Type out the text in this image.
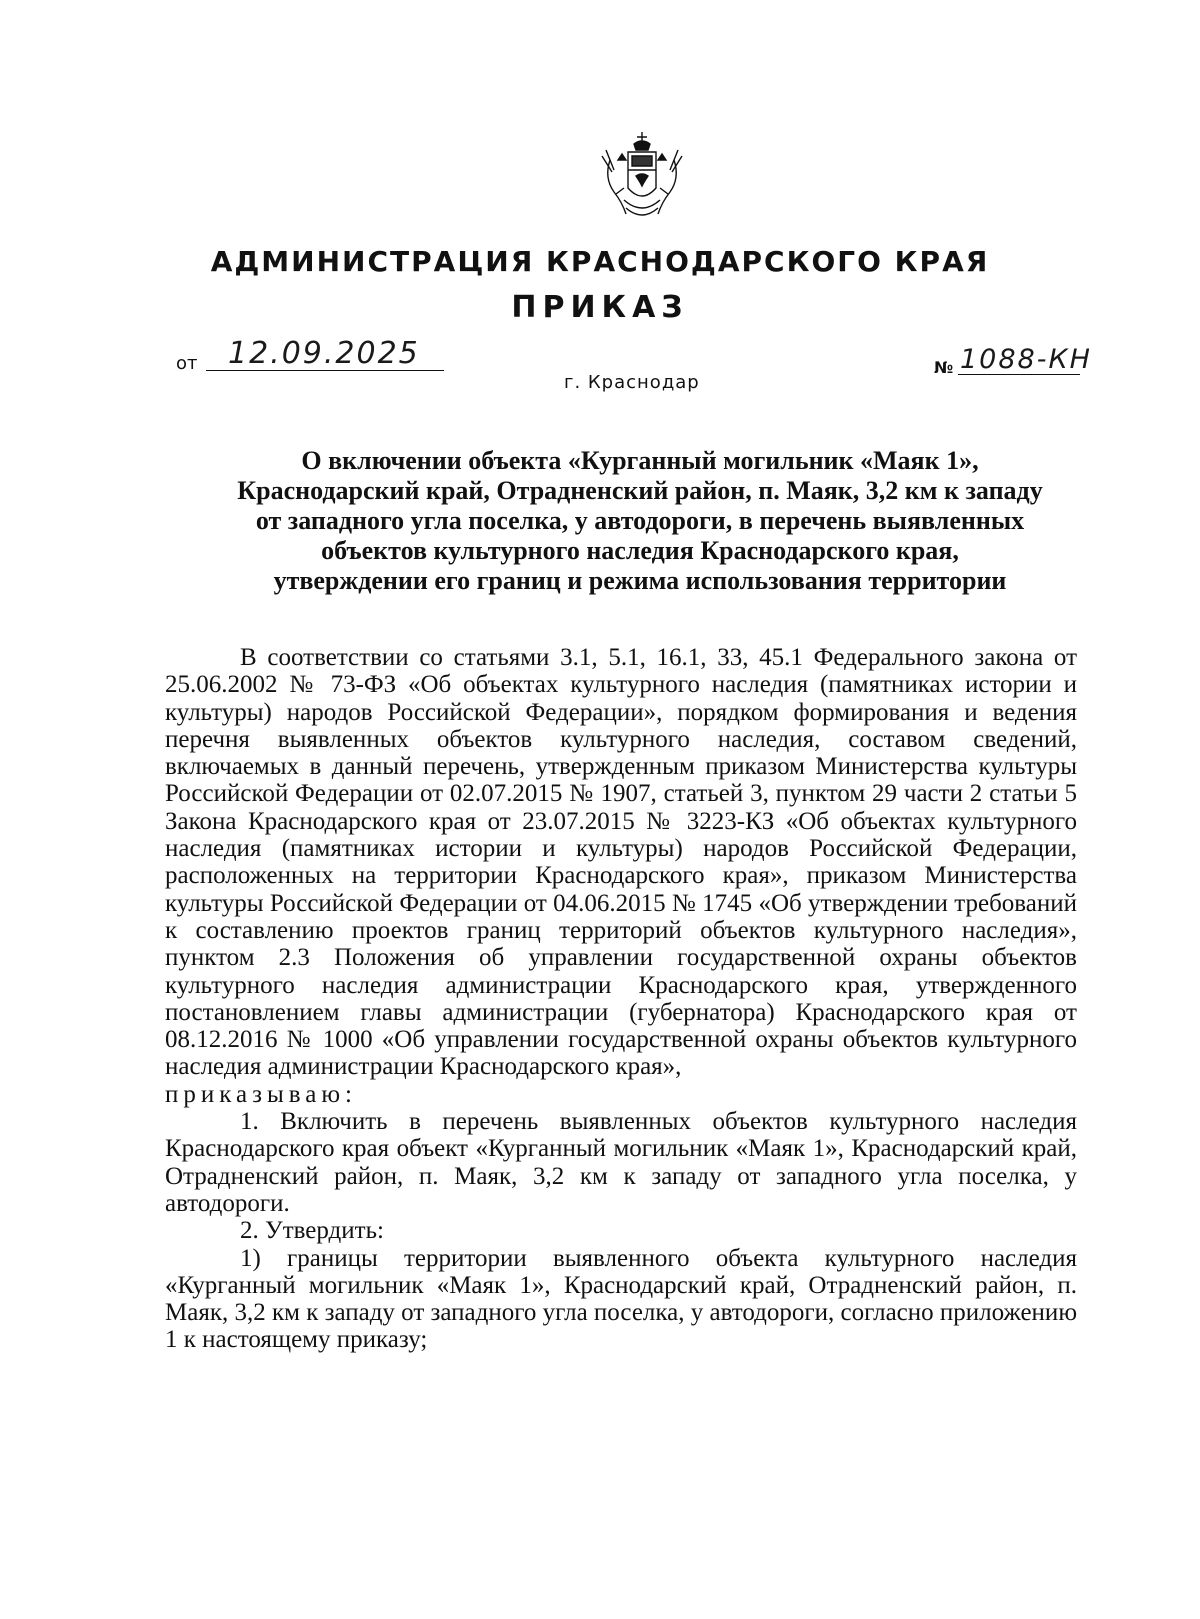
АДМИНИСТРАЦИЯ КРАСНОДАРСКОГО КРАЯ
ПРИКАЗ
от 12.09.2025	№ 1088-КН
г. Краснодар
О включении объекта «Курганный могильник «Маяк 1»,
Краснодарский край, Отрадненский район, п. Маяк, 3,2 км к западу
от западного угла поселка, у автодороги, в перечень выявленных
объектов культурного наследия Краснодарского края,
утверждении его границ и режима использования территории

В соответствии со статьями 3.1, 5.1, 16.1, 33, 45.1 Федерального закона от 25.06.2002 № 73-ФЗ «Об объектах культурного наследия (памятниках истории и культуры) народов Российской Федерации», порядком формирования и ведения перечня выявленных объектов культурного наследия, составом сведений, включаемых в данный перечень, утвержденным приказом Министерства культуры Российской Федерации от 02.07.2015 № 1907, статьей 3, пунктом 29 части 2 статьи 5 Закона Краснодарского края от 23.07.2015 № 3223-КЗ «Об объектах культурного наследия (памятниках истории и культуры) народов Российской Федерации, расположенных на территории Краснодарского края», приказом Министерства культуры Российской Федерации от 04.06.2015 № 1745 «Об утверждении требований к составлению проектов границ территорий объектов культурного наследия», пунктом 2.3 Положения об управлении государственной охраны объектов культурного наследия администрации Краснодарского края, утвержденного постановлением главы администрации (губернатора) Краснодарского края от 08.12.2016 № 1000 «Об управлении государственной охраны объектов культурного наследия администрации Краснодарского края»,

приказываю:

1. Включить в перечень выявленных объектов культурного наследия Краснодарского края объект «Курганный могильник «Маяк 1», Краснодарский край, Отрадненский район, п. Маяк, 3,2 км к западу от западного угла поселка, у автодороги.

2. Утвердить:

1) границы территории выявленного объекта культурного наследия «Курганный могильник «Маяк 1», Краснодарский край, Отрадненский район, п. Маяк, 3,2 км к западу от западного угла поселка, у автодороги, согласно приложению 1 к настоящему приказу;
